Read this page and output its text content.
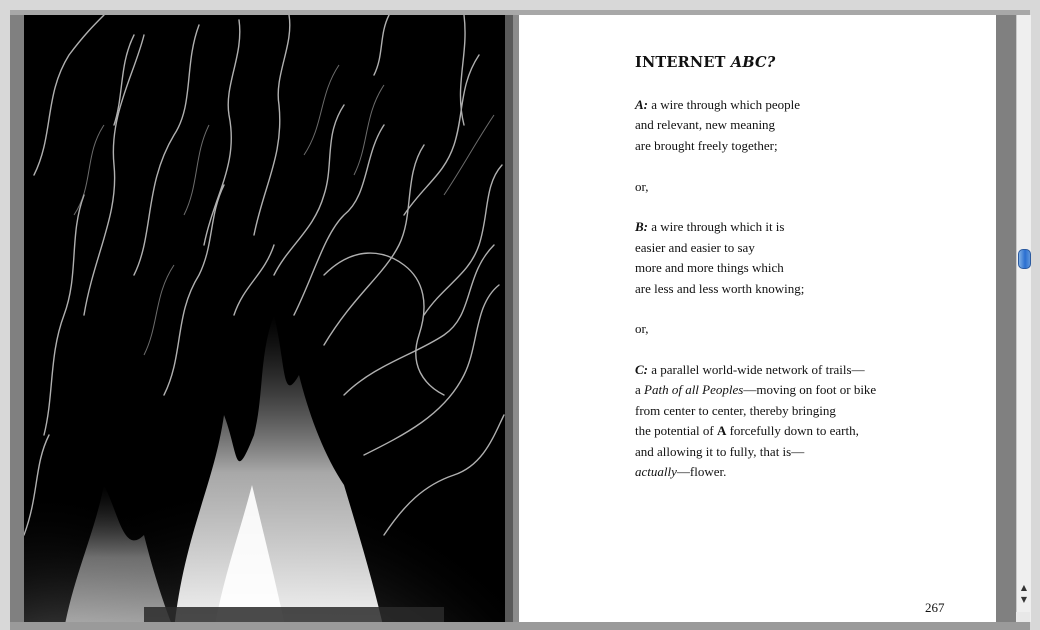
INTERNET ABC?
A: a wire through which people
and relevant, new meaning
are brought freely together;
or,
B: a wire through which it is
easier and easier to say
more and more things which
are less and less worth knowing;
or,
C: a parallel world-wide network of trails—
a Path of all Peoples—moving on foot or bike
from center to center, thereby bringing
the potential of A forcefully down to earth,
and allowing it to fully, that is—
actually—flower.
267
▲
▼
